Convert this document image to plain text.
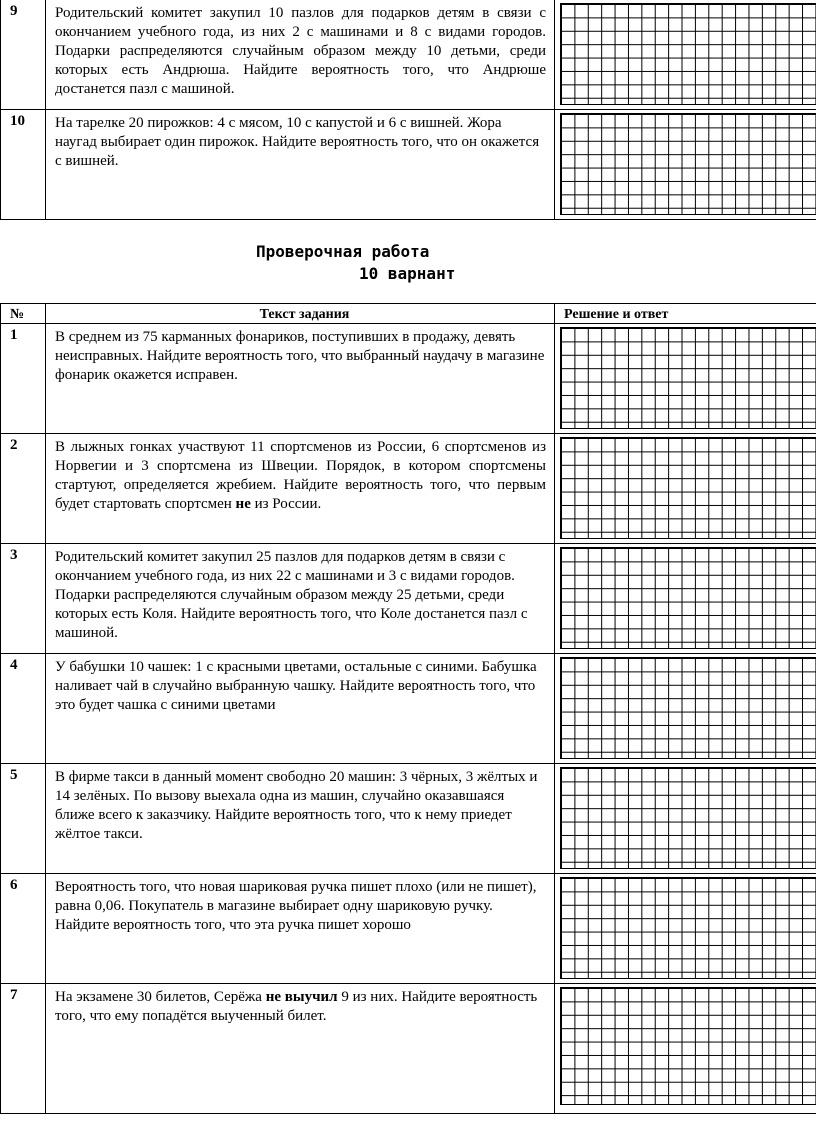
9	Родительский комитет закупил 10 пазлов для подарков детям в связи с окончанием учебного года, из них 2 с машинами и 8 с видами городов. Подарки распределяются случайным образом между 10 детьми, среди которых есть Андрюша. Найдите вероятность того, что Андрюше достанется пазл с машиной.	

10	На тарелке 20 пирожков: 4 с мясом, 10 с капустой и 6 с вишней. Жора наугад выбирает один пирожок. Найдите вероятность того, что он окажется с вишней.	
Проверочная работа
10 варнант
№	Текст задания	Решение и ответ
1	В среднем из 75 карманных фонариков, поступивших в продажу, девять неисправных. Найдите вероятность того, что выбранный наудачу в магазине фонарик окажется исправен.	

2	В лыжных гонках участвуют 11 спортсменов из России, 6 спортсменов из Норвегии и 3 спортсмена из Швеции. Порядок, в котором спортсмены стартуют, определяется жребием. Найдите вероятность того, что первым будет стартовать спортсмен не из России.	

3	Родительский комитет закупил 25 пазлов для подарков детям в связи с окончанием учебного года, из них 22 с машинами и 3 с видами городов. Подарки распределяются случайным образом между 25 детьми, среди которых есть Коля. Найдите вероятность того, что Коле достанется пазл с машиной.	

4	У бабушки 10 чашек: 1 с красными цветами, остальные с синими. Бабушка наливает чай в случайно выбранную чашку. Найдите вероятность того, что это будет чашка с синими цветами	

5	В фирме такси в данный момент свободно 20 машин: 3 чёрных, 3 жёлтых и 14 зелёных. По вызову выехала одна из машин, случайно оказавшаяся ближе всего к заказчику. Найдите вероятность того, что к нему приедет жёлтое такси.	

6	Вероятность того, что новая шариковая ручка пишет плохо (или не пишет), равна 0,06. Покупатель в магазине выбирает одну шариковую ручку. Найдите вероятность того, что эта ручка пишет хорошо	

7	На экзамене 30 билетов, Серёжа не выучил 9 из них. Найдите вероятность того, что ему попадётся выученный билет.	
